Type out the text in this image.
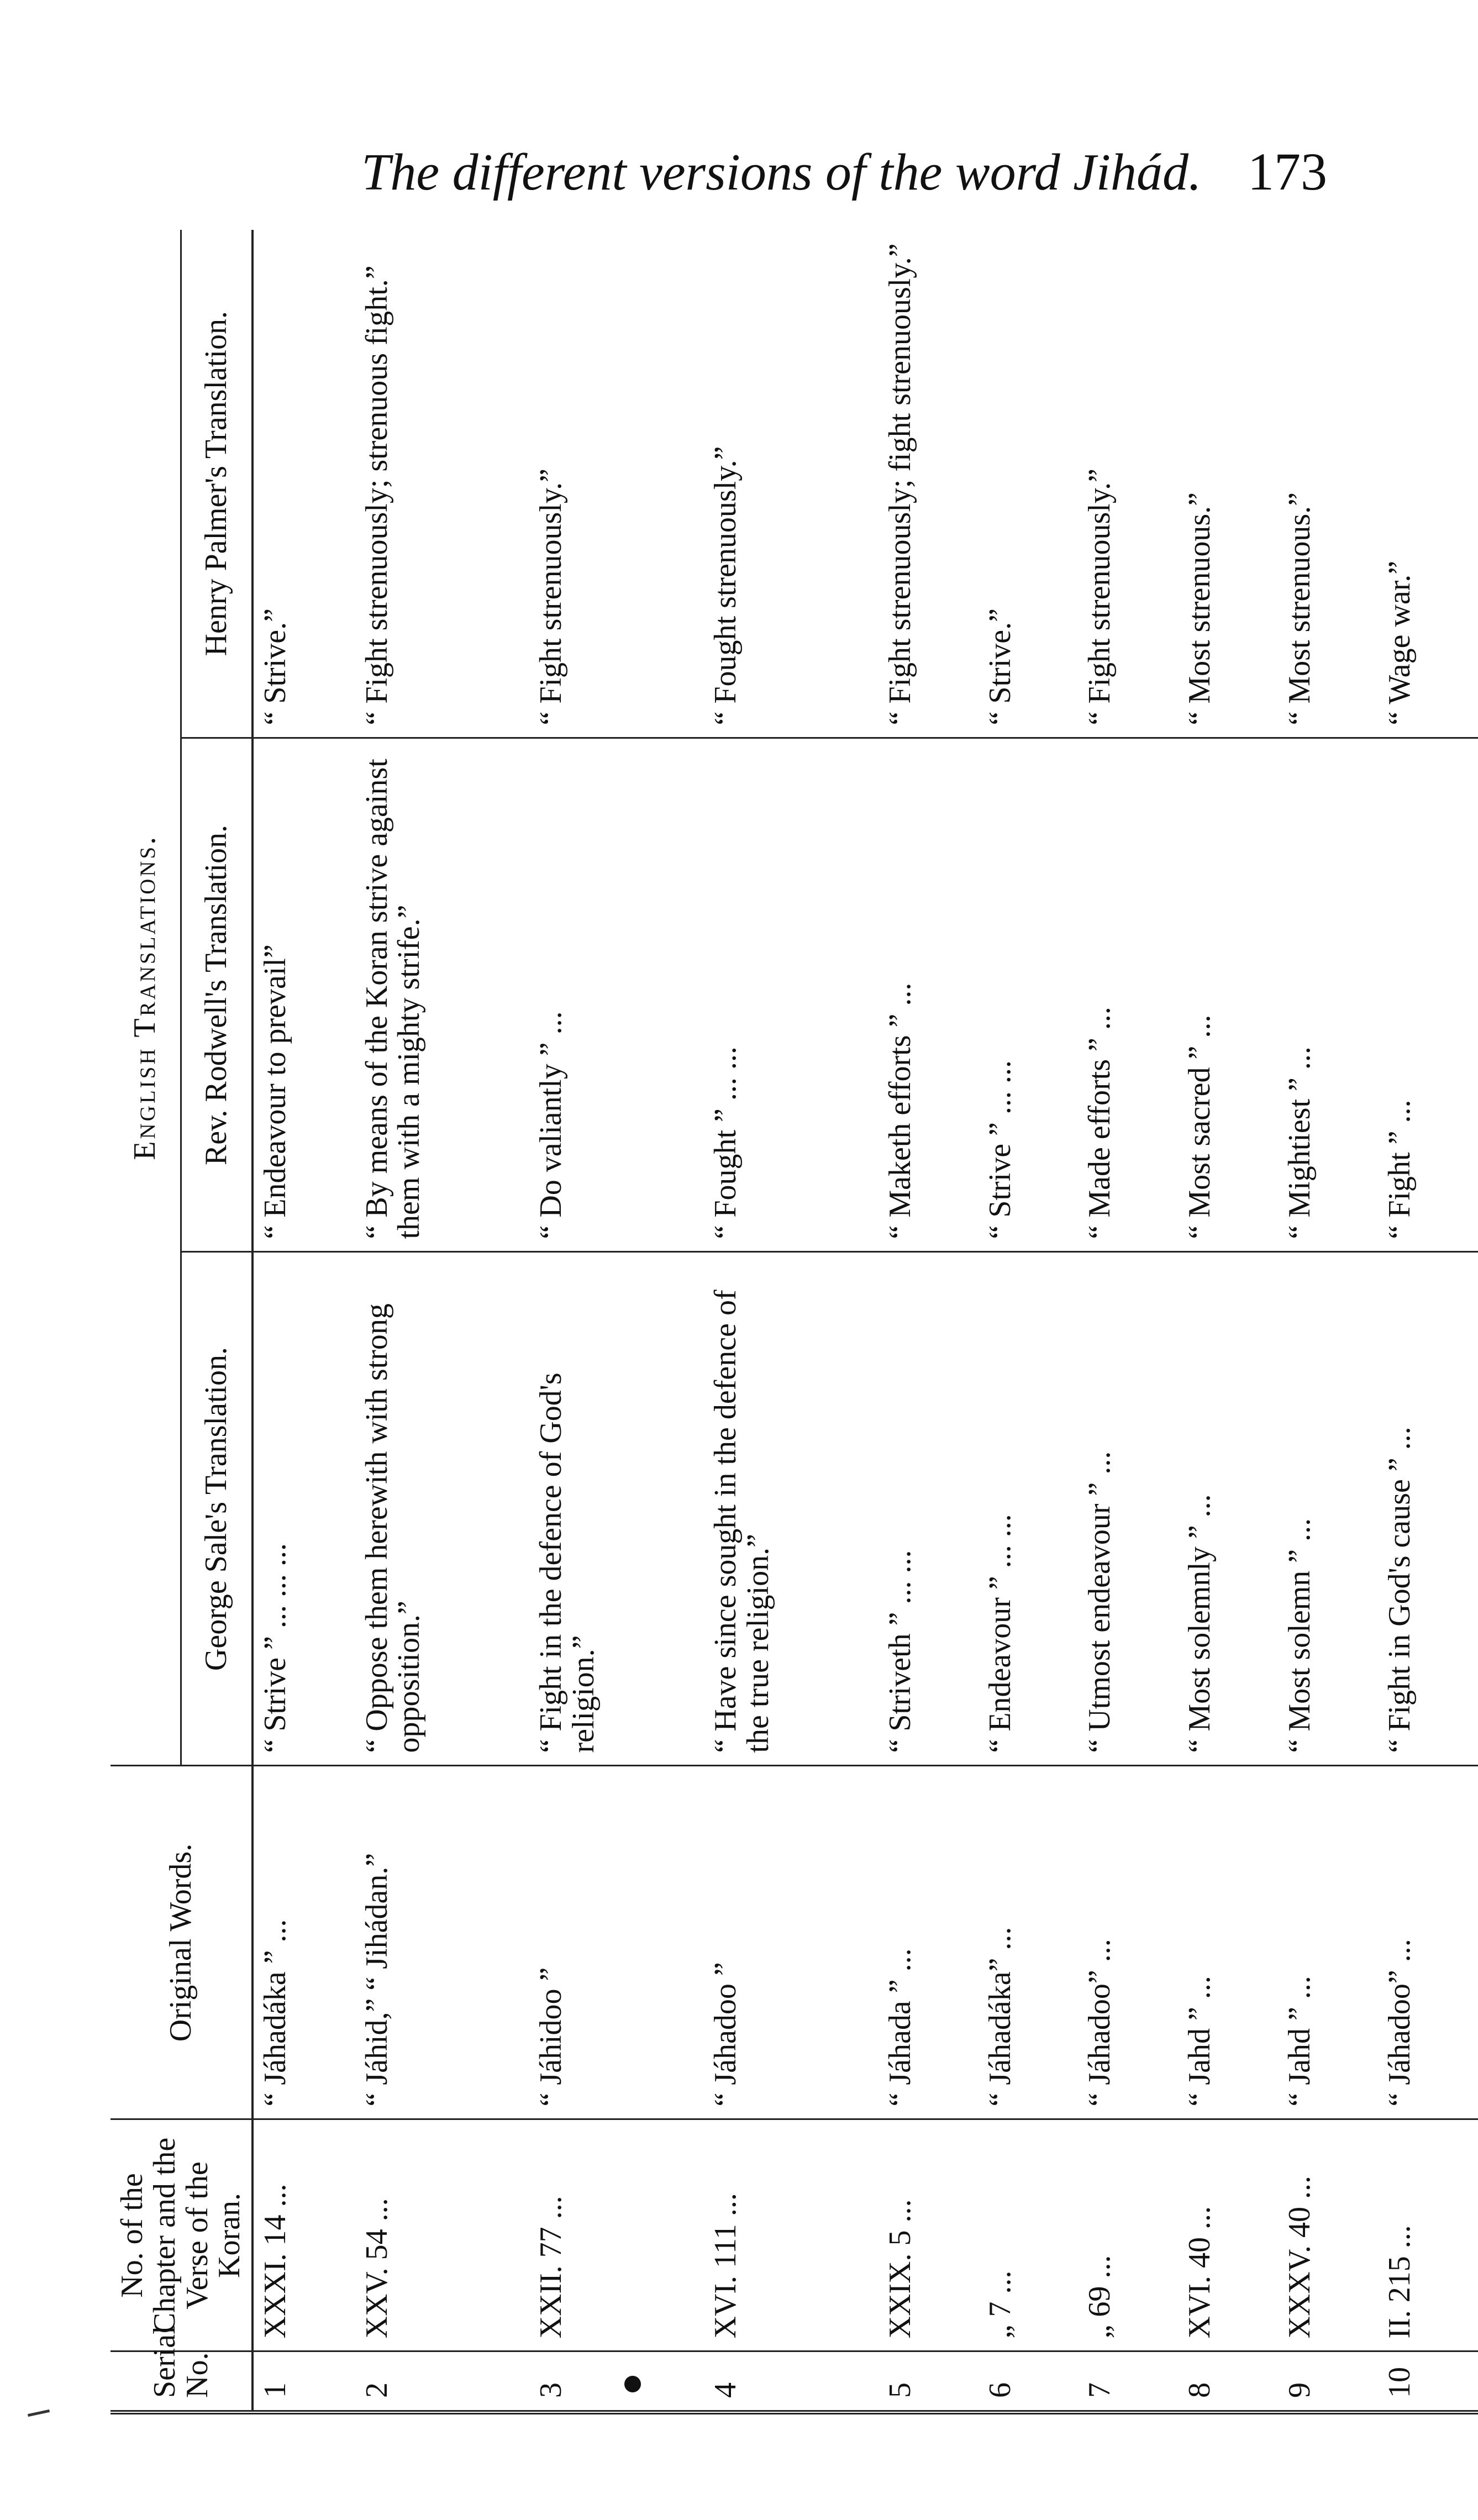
The different versions of the word Jihád. 173
Serial No.	No. of the Chapter and the Verse of the Koran.	Original Words.	English Translations.		
			George Sale's Translation.	Rev. Rodwell's Translation.	Henry Palmer's Translation.
1	XXXI. 14 ...	“ Jáhadáka ” ...	“ Strive ” ... ... ...	“ Endeavour to prevail”	“ Strive.”
2	XXV. 54 ...	“ Jáhid,” “ Jihádan.”	“ Oppose them herewith with strong opposition.”	“ By means of the Koran strive against them with a mighty strife.”	“ Fight strenuously; strenuous fight.”
3	XXII. 77 ...	“ Jáhidoo ”	“ Fight in the defence of God's religion.”	“ Do valiantly ” ...	“ Fight strenuously.”
4	XVI. 111 ...	“ Jáhadoo ”	“ Have since sought in the defence of the true religion.”	“ Fought ” ... ...	“ Fought strenuously.”
5	XXIX. 5 ...	“ Jáhada ” ...	“ Striveth ” ... ...	“ Maketh efforts ” ...	“ Fight strenuously; fight strenuously.”
6	„ 7 ...	“ Jáhadáka” ...	“ Endeavour ” ... ...	“ Strive ” ... ...	“ Strive.”
7	„ 69 ...	“ Jáhadoo” ...	“ Utmost endeavour ” ...	“ Made efforts ” ...	“ Fight strenuously.”
8	XVI. 40 ...	“ Jahd ” ...	“ Most solemnly ” ...	“ Most sacred ” ...	“ Most strenuous.”
9	XXXV. 40 ...	“ Jahd ” ...	“ Most solemn ” ...	“ Mightiest ” ...	“ Most strenuous.”
10	II. 215 ...	“ Jáhadoo” ...	“ Fight in God's cause ” ...	“ Fight ” ...	“ Wage war.”
